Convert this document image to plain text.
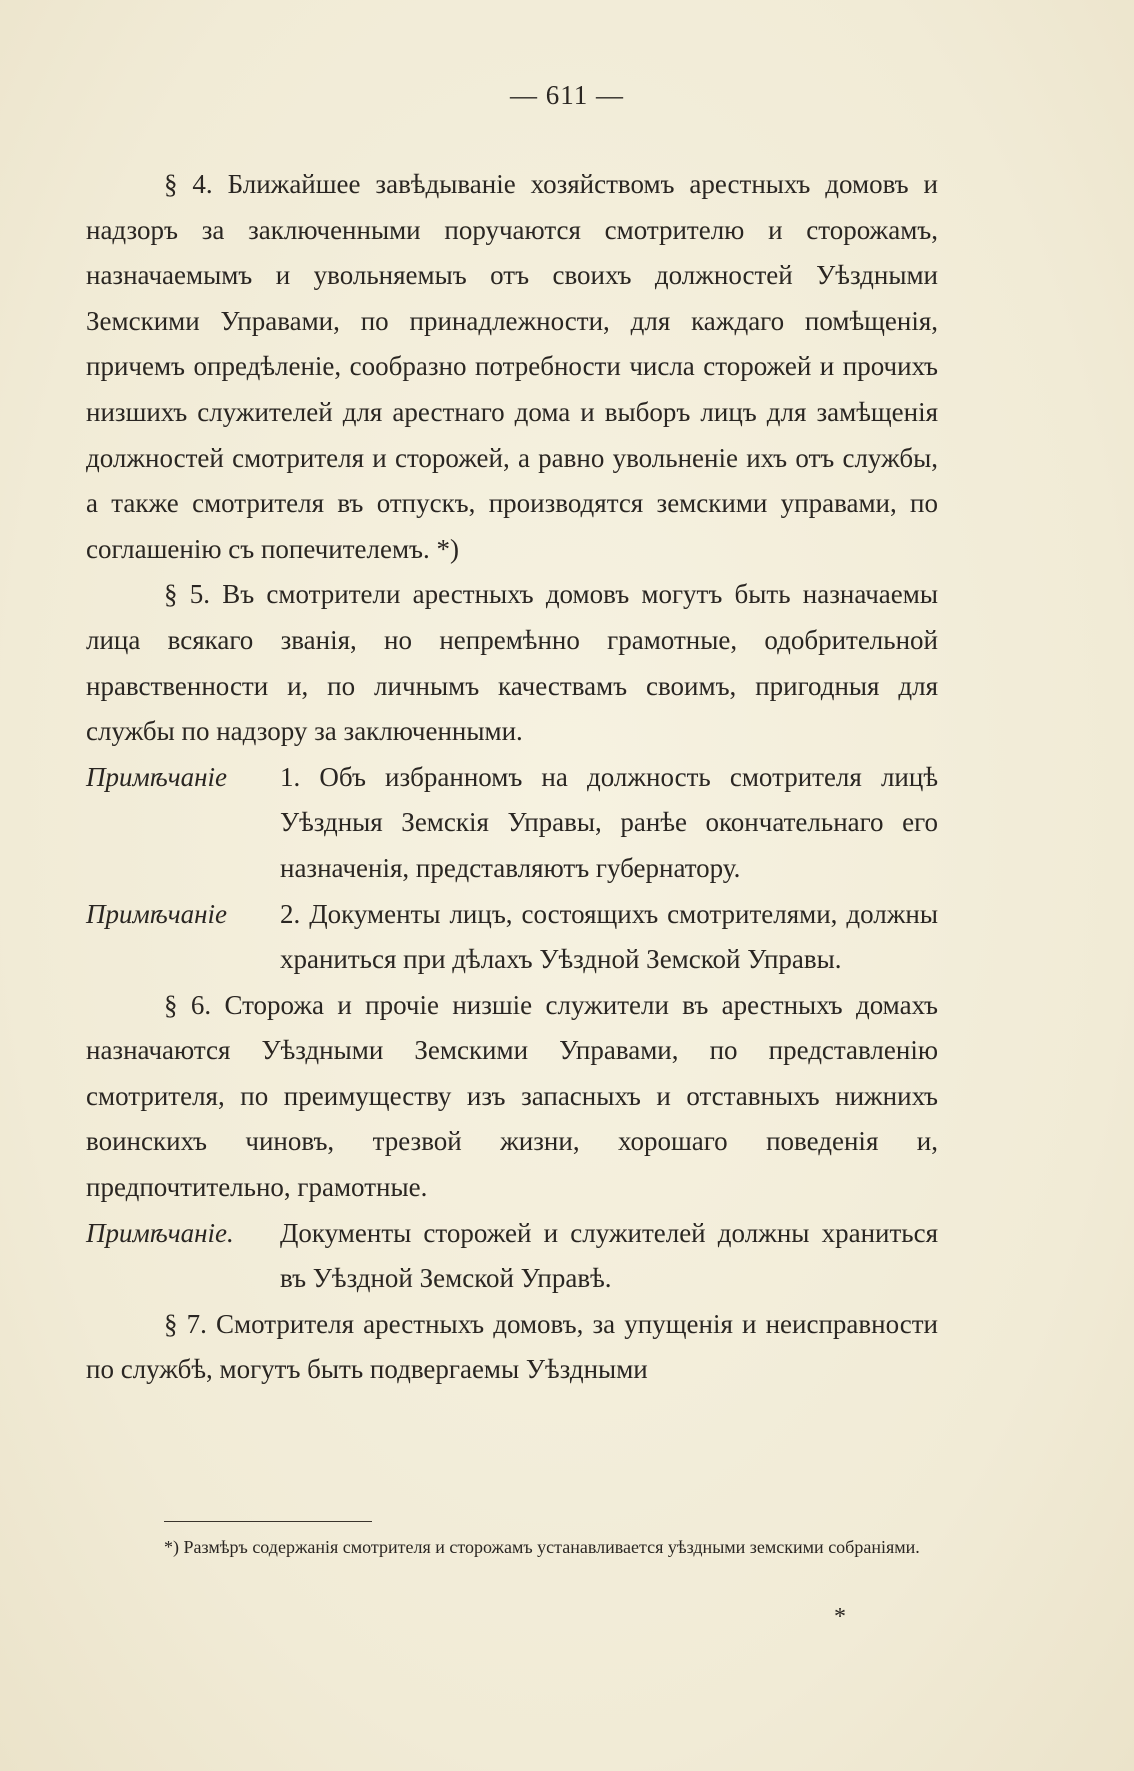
— 611 —

§ 4. Ближайшее завѣдываніе хозяйствомъ арестныхъ домовъ и надзоръ за заключенными поручаются смотрителю и сторожамъ, назначаемымъ и увольняемыъ отъ своихъ должностей Уѣздными Земскими Управами, по принадлежности, для каждаго помѣщенія, причемъ опредѣленіе, сообразно потребности числа сторожей и прочихъ низшихъ служителей для арестнаго дома и выборъ лицъ для замѣщенія должностей смотрителя и сторожей, а равно увольненіе ихъ отъ службы, а также смотрителя въ отпускъ, производятся земскими управами, по соглашенію съ попечителемъ. *)

§ 5. Въ смотрители арестныхъ домовъ могутъ быть назначаемы лица всякаго званія, но непремѣнно грамотные, одобрительной нравственности и, по личнымъ качествамъ своимъ, пригодныя для службы по надзору за заключенными.

Примѣчаніе	1. Объ избранномъ на должность смотрителя лицѣ Уѣздныя Земскія Управы, ранѣе окончательнаго его назначенія, представляютъ губернатору.
Примѣчаніе	2. Документы лицъ, состоящихъ смотрителями, должны храниться при дѣлахъ Уѣздной Земской Управы.

§ 6. Сторожа и прочіе низшіе служители въ арестныхъ домахъ назначаются Уѣздными Земскими Управами, по представленію смотрителя, по преимуществу изъ запасныхъ и отставныхъ нижнихъ воинскихъ чиновъ, трезвой жизни, хорошаго поведенія и, предпочтительно, грамотные.

Примѣчаніе.	Документы сторожей и служителей должны храниться въ Уѣздной Земской Управѣ.

§ 7. Смотрителя арестныхъ домовъ, за упущенія и неисправности по службѣ, могутъ быть подвергаемы Уѣздными

*) Размѣръ содержанія смотрителя и сторожамъ устанавливается уѣздными земскими собраніями.

*
